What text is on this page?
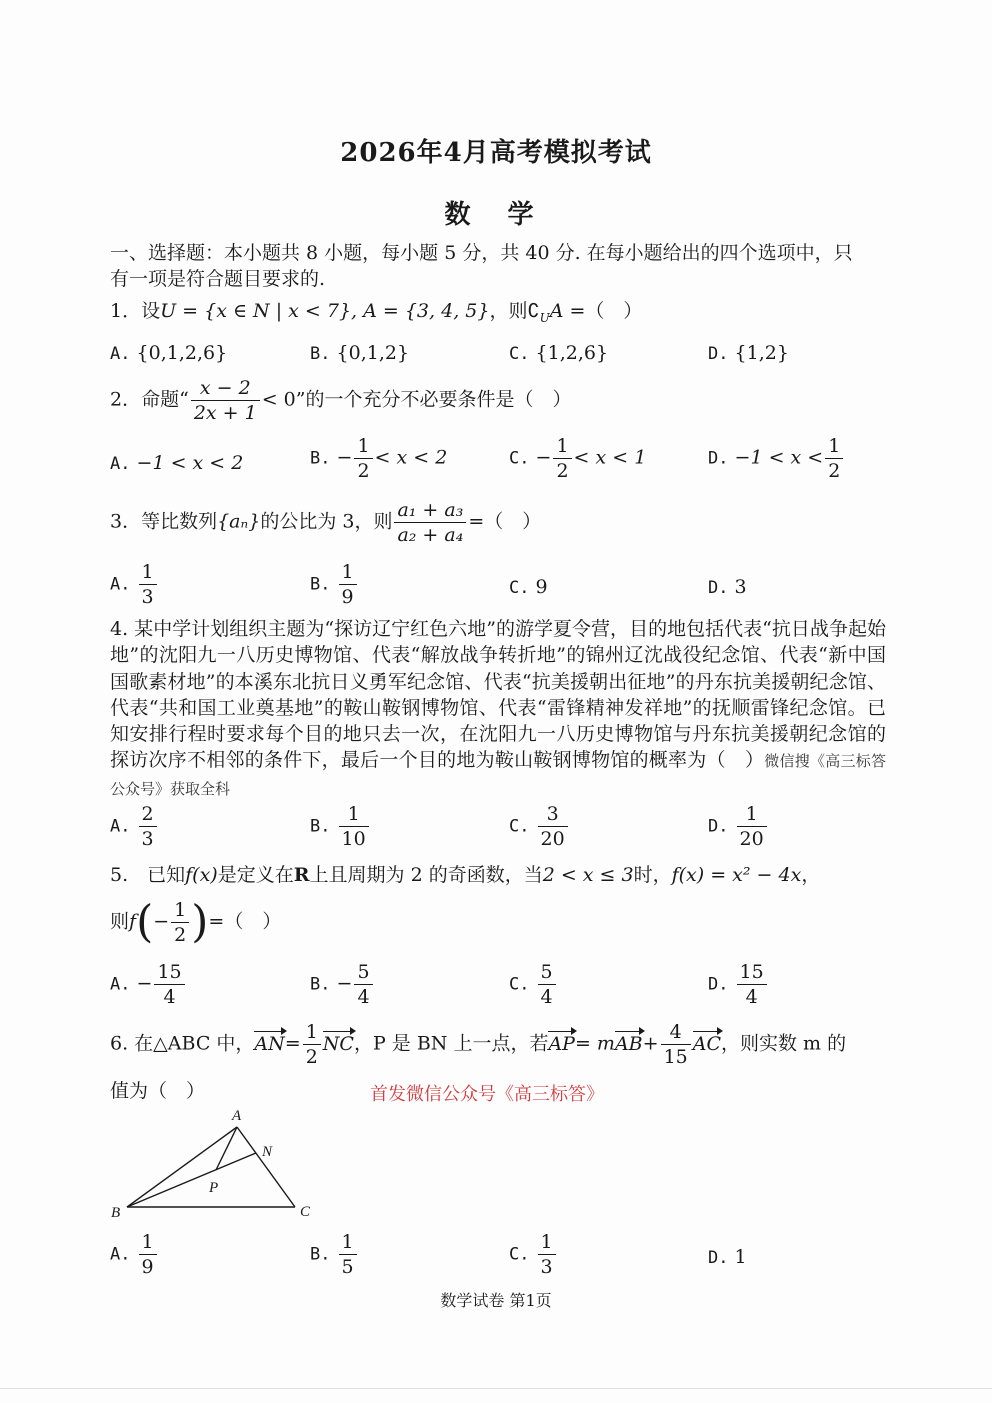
2026年4月高考模拟考试
数 学
一、选择题：本小题共 8 小题，每小题 5 分，共 40 分. 在每小题给出的四个选项中，只
有一项是符合题目要求的.
1．设U = {x ∈ N | x < 7}, A = {3, 4, 5}，则$∁_UA$ =（　）
A. {0,1,2,6}	B. {0,1,2}	C. {1,2,6}	D. {1,2}
2．命题“ $\frac{x - 2}{2x + 1} < 0$”的一个充分不必要条件是（　）
A. −1 < x < 2	B. − $\frac{1}{2} < x < 2$	C. − $\frac{1}{2} < x < 1$	D. $-1 < x < \frac{1}{2}$
3．等比数列{aₙ}的公比为 3，则 $\frac{\text{a₁ + a₃}}{\text{a₂ + a₄}}$ =（　）
A. $\frac{1}{3}$	B. $\frac{1}{9}$	C. 9	D. 3
4. 某中学计划组织主题为“探访辽宁红色六地”的游学夏令营，目的地包括代表“抗日战争起始地”的沈阳九一八历史博物馆、代表“解放战争转折地”的锦州辽沈战役纪念馆、代表“新中国国歌素材地”的本溪东北抗日义勇军纪念馆、代表“抗美援朝出征地”的丹东抗美援朝纪念馆、代表“共和国工业奠基地”的鞍山鞍钢博物馆、代表“雷锋精神发祥地”的抚顺雷锋纪念馆。已知安排行程时要求每个目的地只去一次，在沈阳九一八历史博物馆与丹东抗美援朝纪念馆的探访次序不相邻的条件下，最后一个目的地为鞍山鞍钢博物馆的概率为（　）微信搜《高三标答公众号》获取全科
A. $\frac{2}{3}$	B. $\frac{1}{10}$	C. $\frac{3}{20}$	D. $\frac{1}{20}$
5.　已知f(x)是定义在R上且周期为 2 的奇函数，当2 < x ≤ 3时，f(x) = x² − 4x，
则$f(- \frac{1}{2}$ )=（　）
A. − $\frac{15}{4}$	B. − $\frac{5}{4}$	C. $\frac{5}{4}$	D. $\frac{15}{4}$
6. 在△ABC 中，$AN= \frac{1}{2}$ NC，P 是 BN 上一点，若$AP= mAB+ \frac{4}{15}$ AC，则实数 m 的
值为（　）	首发微信公众号《高三标答》
A
B	C
N
P
A. $\frac{1}{9}$	B. $\frac{1}{5}$	C. $\frac{1}{3}$	D. 1
数学试卷 第1页
